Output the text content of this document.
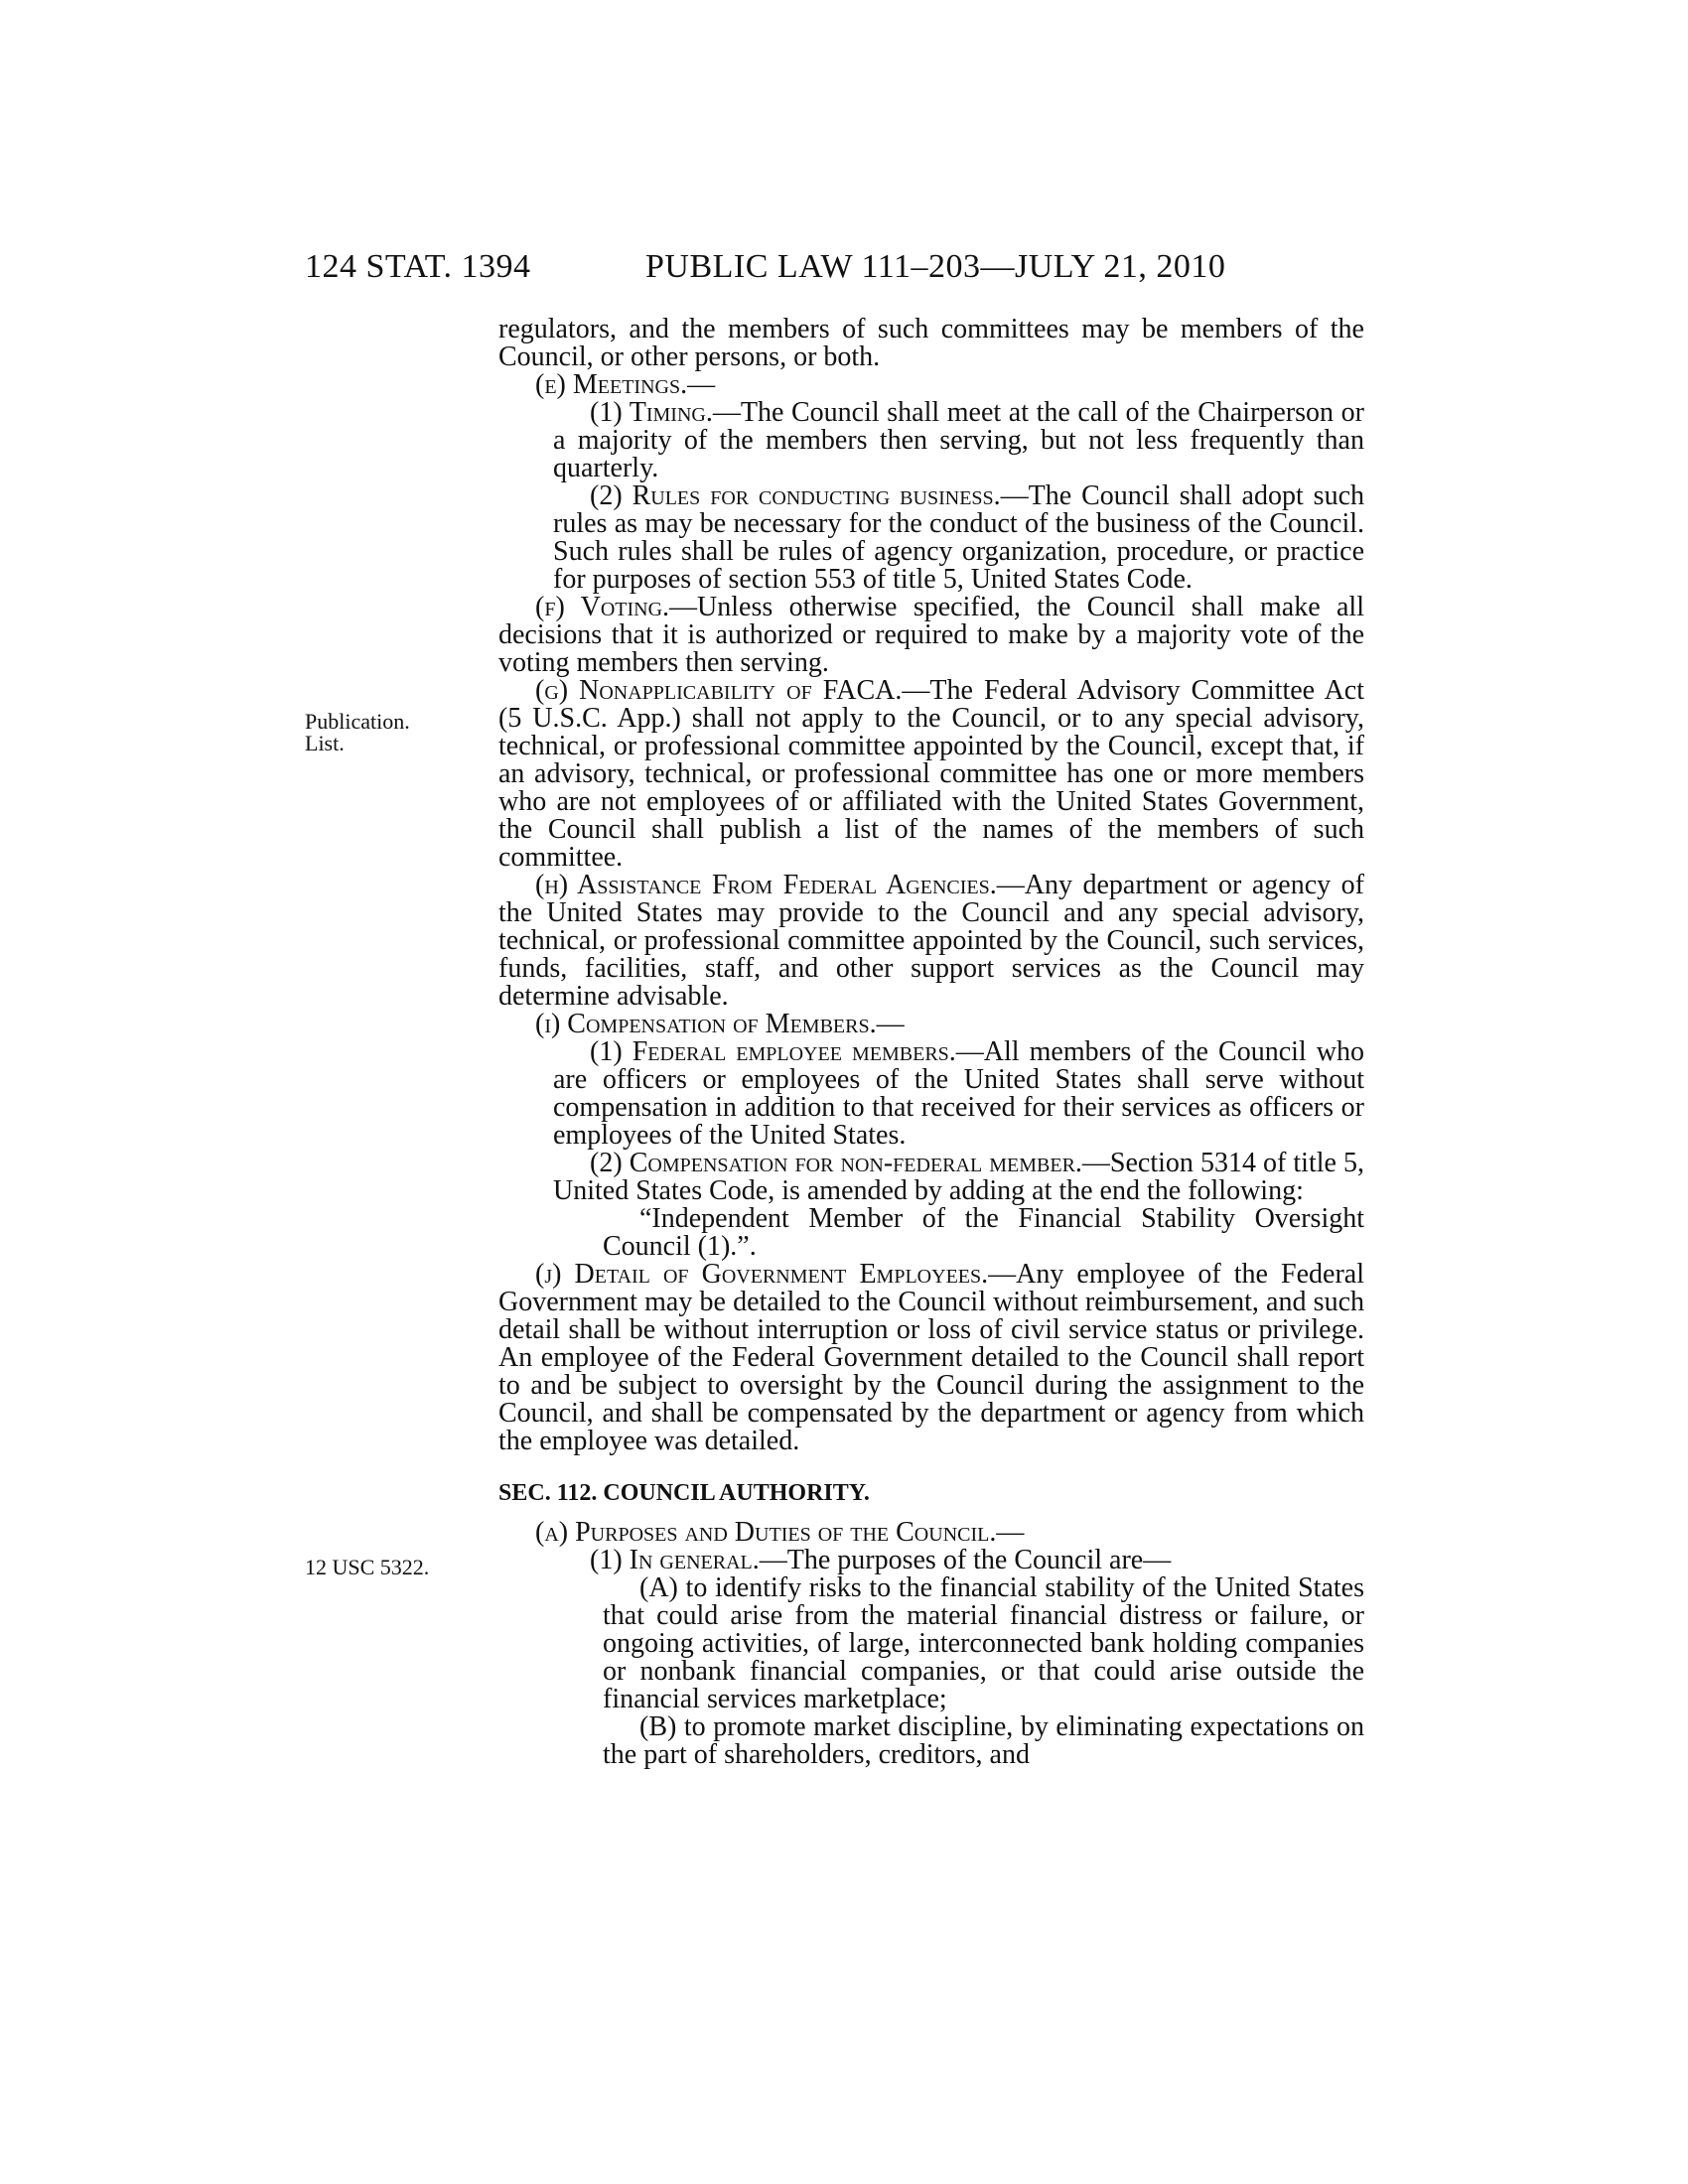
124 STAT. 1394	PUBLIC LAW 111–203—JULY 21, 2010
Publication.
List.
12 USC 5322.

regulators, and the members of such committees may be members of the Council, or other persons, or both.

(e) Meetings.—

(1) Timing.—The Council shall meet at the call of the Chairperson or a majority of the members then serving, but not less frequently than quarterly.

(2) Rules for conducting business.—The Council shall adopt such rules as may be necessary for the conduct of the business of the Council. Such rules shall be rules of agency organization, procedure, or practice for purposes of section 553 of title 5, United States Code.

(f) Voting.—Unless otherwise specified, the Council shall make all decisions that it is authorized or required to make by a majority vote of the voting members then serving.

(g) Nonapplicability of FACA.—The Federal Advisory Committee Act (5 U.S.C. App.) shall not apply to the Council, or to any special advisory, technical, or professional committee appointed by the Council, except that, if an advisory, technical, or professional committee has one or more members who are not employees of or affiliated with the United States Government, the Council shall publish a list of the names of the members of such committee.

(h) Assistance From Federal Agencies.—Any department or agency of the United States may provide to the Council and any special advisory, technical, or professional committee appointed by the Council, such services, funds, facilities, staff, and other support services as the Council may determine advisable.

(i) Compensation of Members.—

(1) Federal employee members.—All members of the Council who are officers or employees of the United States shall serve without compensation in addition to that received for their services as officers or employees of the United States.

(2) Compensation for non-federal member.—Section 5314 of title 5, United States Code, is amended by adding at the end the following:

“Independent Member of the Financial Stability Oversight Council (1).”.

(j) Detail of Government Employees.—Any employee of the Federal Government may be detailed to the Council without reimbursement, and such detail shall be without interruption or loss of civil service status or privilege. An employee of the Federal Government detailed to the Council shall report to and be subject to oversight by the Council during the assignment to the Council, and shall be compensated by the department or agency from which the employee was detailed.

SEC. 112. COUNCIL AUTHORITY.

(a) Purposes and Duties of the Council.—

(1) In general.—The purposes of the Council are—

(A) to identify risks to the financial stability of the United States that could arise from the material financial distress or failure, or ongoing activities, of large, interconnected bank holding companies or nonbank financial companies, or that could arise outside the financial services marketplace;

(B) to promote market discipline, by eliminating expectations on the part of shareholders, creditors, and
